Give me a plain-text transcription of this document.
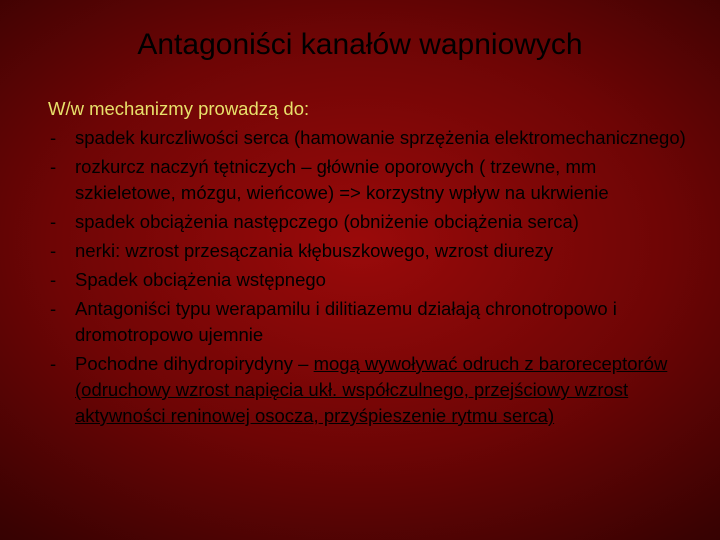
Antagoniści kanałów wapniowych

W/w mechanizmy prowadzą do:

- spadek kurczliwości serca (hamowanie sprzężenia elektromechanicznego)
- rozkurcz naczyń tętniczych – głównie oporowych ( trzewne, mm szkieletowe, mózgu, wieńcowe) => korzystny wpływ na ukrwienie
- spadek obciążenia następczego (obniżenie obciążenia serca)
- nerki: wzrost przesączania kłębuszkowego, wzrost diurezy
- Spadek obciążenia wstępnego
- Antagoniści typu werapamilu i dilitiazemu działają chronotropowo i dromotropowo ujemnie
- Pochodne dihydropirydyny – mogą wywoływać odruch z baroreceptorów (odruchowy wzrost napięcia ukł. współczulnego, przejściowy wzrost aktywności reninowej osocza, przyśpieszenie rytmu serca)
